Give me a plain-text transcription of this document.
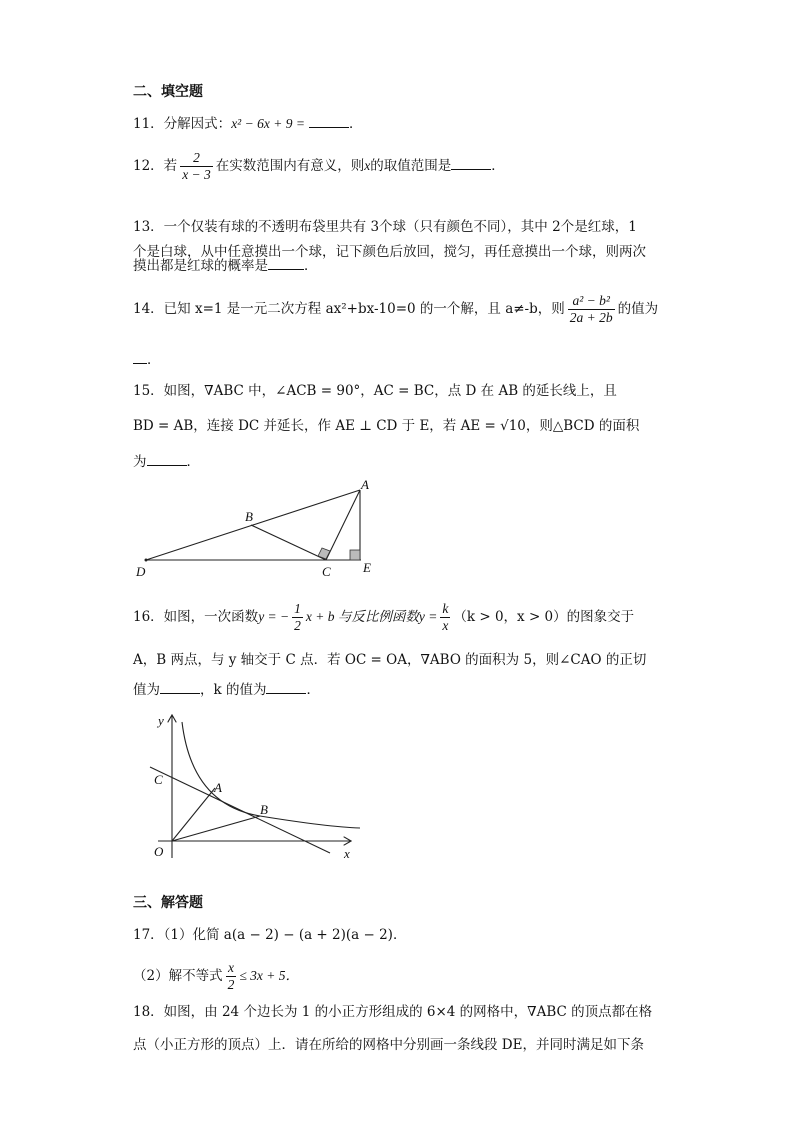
二、填空题
11．分解因式：x² − 6x + 9 =	．
12．若 $\frac{2}{x - 3}$ 在实数范围内有意义，则x的取值范围是	．
13．一个仅装有球的不透明布袋里共有 3个球（只有颜色不同），其中 2个是红球，1
个是白球，从中任意摸出一个球，记下颜色后放回，搅匀，再任意摸出一个球，则两次
摸出都是红球的概率是	．
14．已知 x=1 是一元二次方程 ax²+bx-10=0 的一个解，且 a≠-b，则 $\frac{\text{a² − b²}}{2a + 2b}$ 的值为
．
15．如图，∇ABC 中，∠ACB = 90°，AC = BC，点 D 在 AB 的延长线上，且
BD = AB，连接 DC 并延长，作 AE ⊥ CD 于 E，若 AE = √10，则△BCD 的面积
为	．
A
B
C
D	E
16．如图，一次函数y = − $\frac{1}{2}$ x + b 与反比例函数$y = \frac{k}{x} (k > 0$，x > 0）的图象交于
A，B 两点，与 y 轴交于 C 点．若 OC = OA，∇ABO 的面积为 5，则∠CAO 的正切
值为	，k 的值为	．
y
x
C
A
B
O
三、解答题
17．（1）化简 a(a − 2) − (a + 2)(a − 2)．
（2）解不等式 $\frac{x}{2} \le 3x + 5$．
18．如图，由 24 个边长为 1 的小正方形组成的 6×4 的网格中，∇ABC 的顶点都在格
点（小正方形的顶点）上．请在所给的网格中分别画一条线段 DE，并同时满足如下条
